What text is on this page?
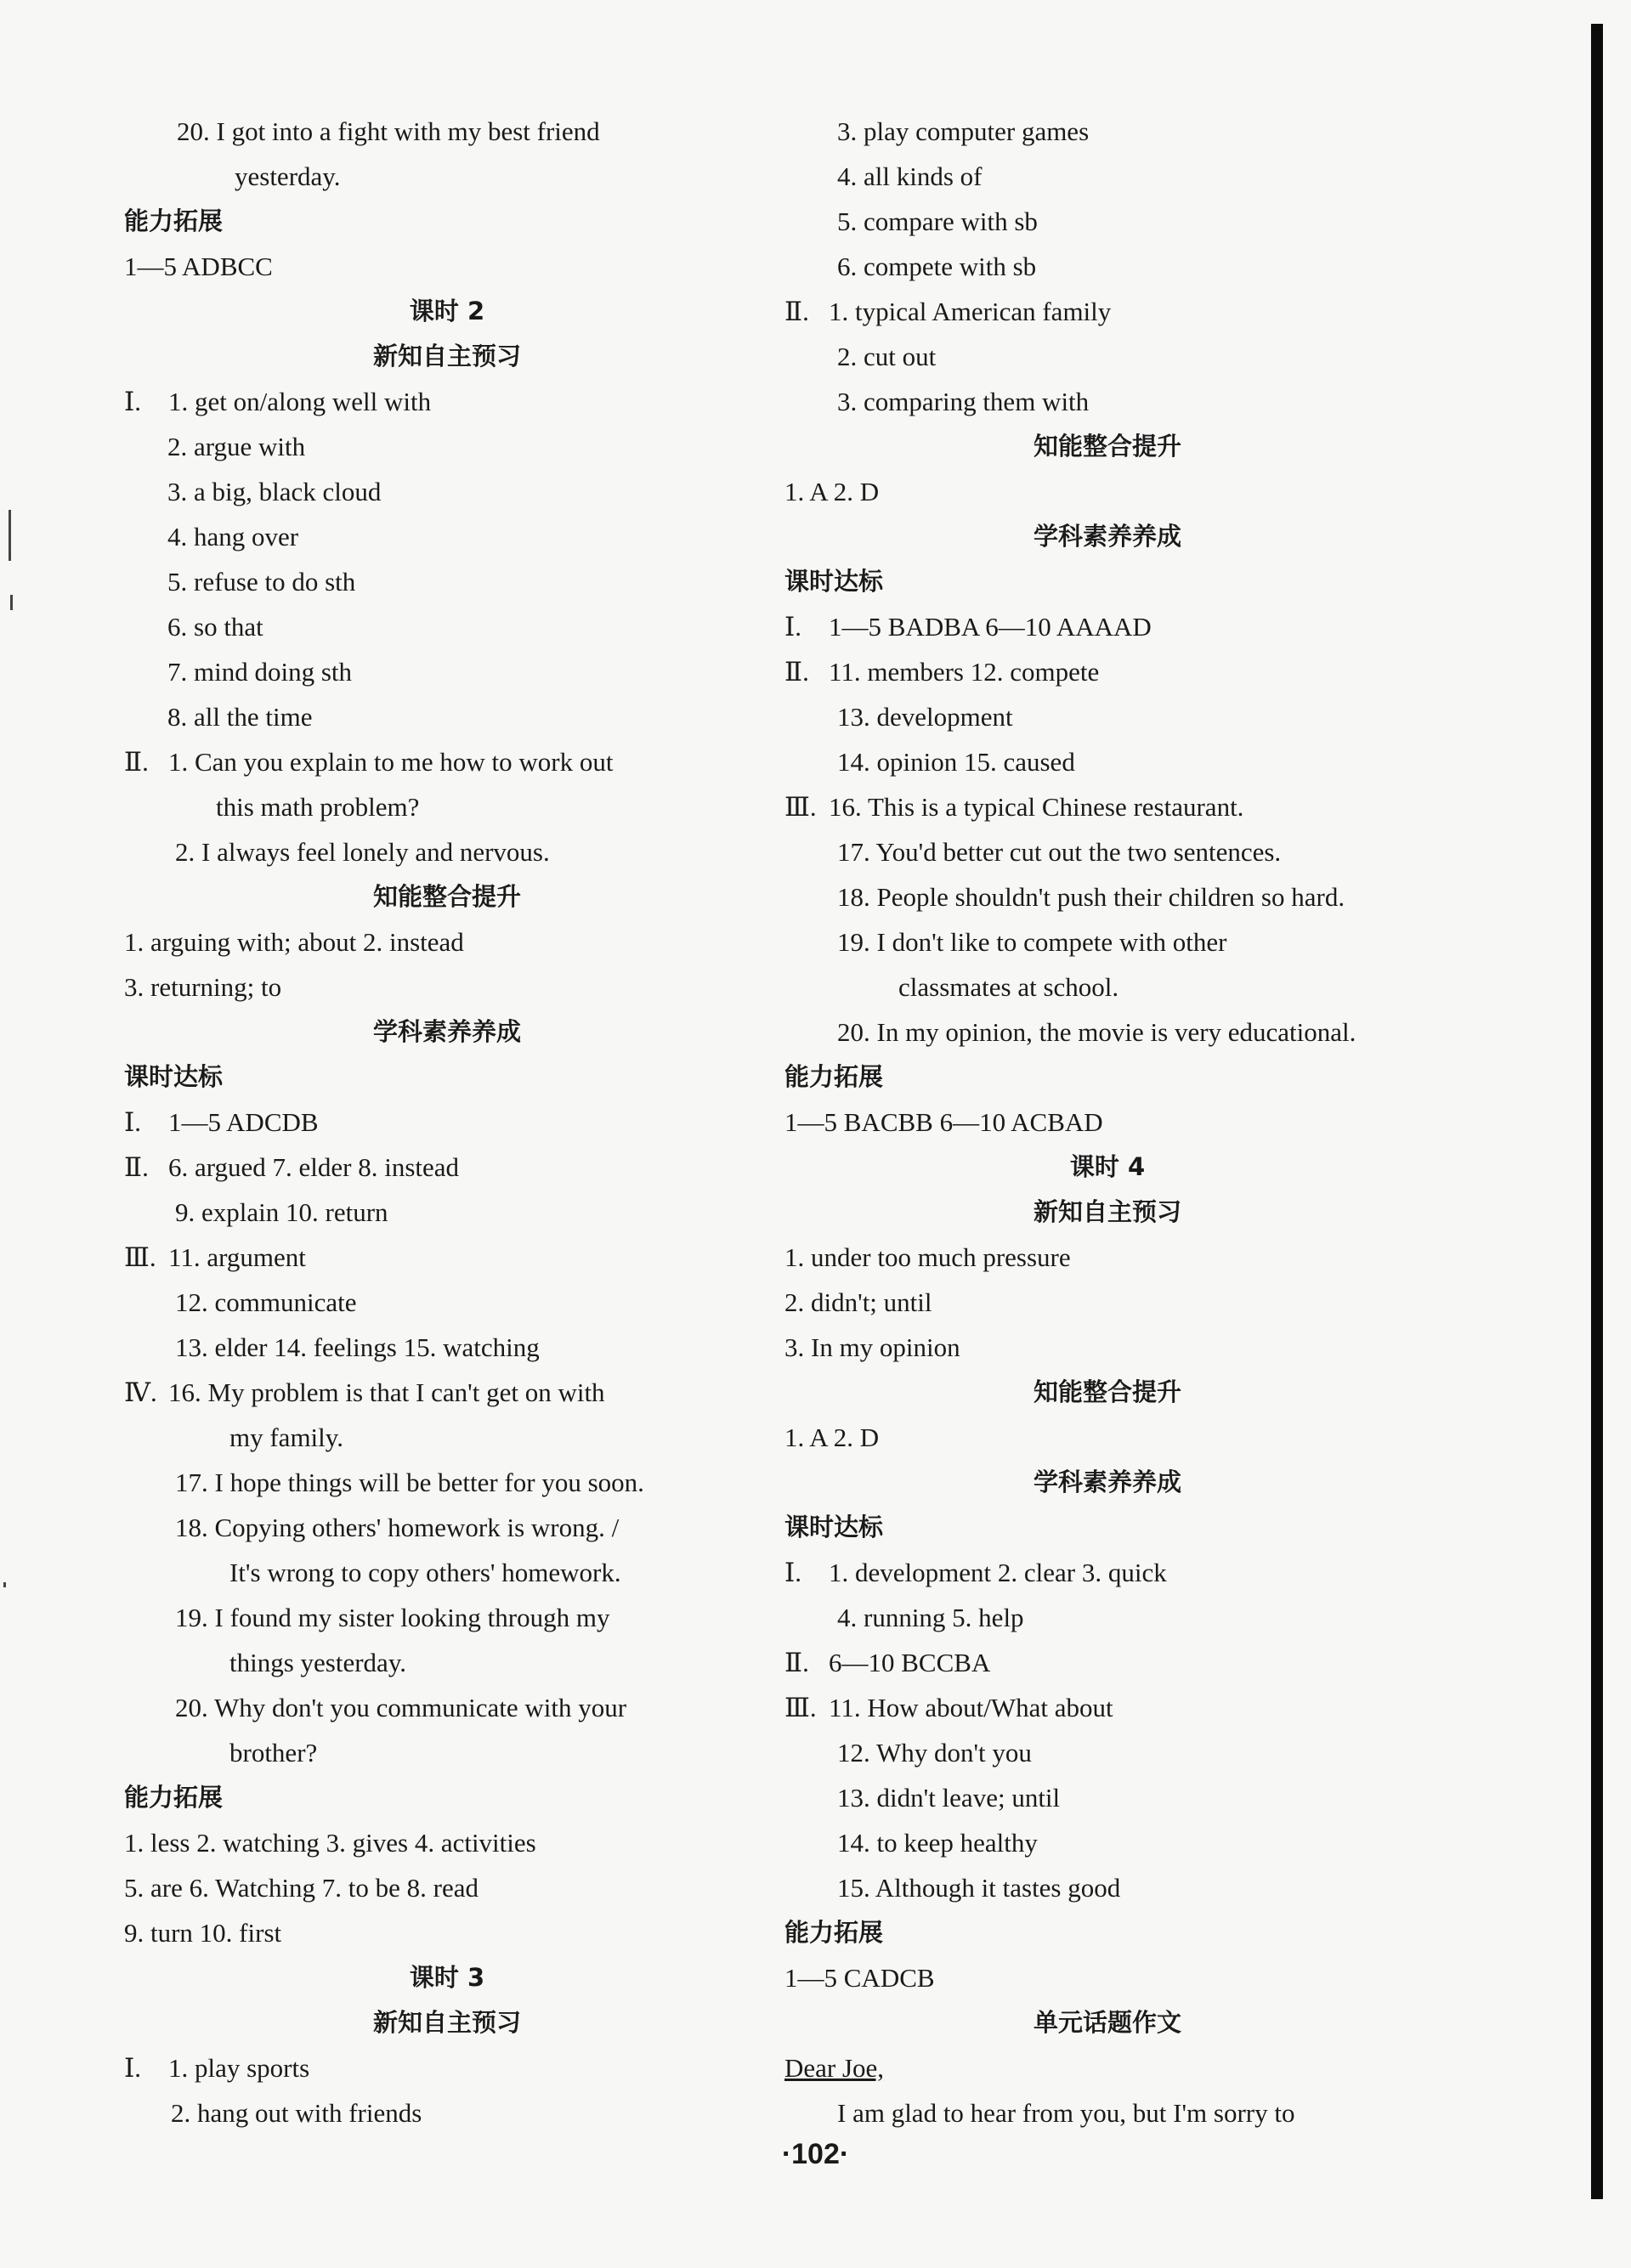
20. I got into a fight with my best friend
yesterday.
能力拓展
1—5 ADBCC
课时 2
新知自主预习
Ⅰ. 1. get on/along well with
2. argue with
3. a big, black cloud
4. hang over
5. refuse to do sth
6. so that
7. mind doing sth
8. all the time
Ⅱ. 1. Can you explain to me how to work out
this math problem?
2. I always feel lonely and nervous.
知能整合提升
1. arguing with; about 2. instead
3. returning; to
学科素养养成
课时达标
Ⅰ. 1—5 ADCDB
Ⅱ. 6. argued 7. elder 8. instead
9. explain 10. return
Ⅲ. 11. argument
12. communicate
13. elder 14. feelings 15. watching
Ⅳ. 16. My problem is that I can't get on with
my family.
17. I hope things will be better for you soon.
18. Copying others' homework is wrong. /
It's wrong to copy others' homework.
19. I found my sister looking through my
things yesterday.
20. Why don't you communicate with your
brother?
能力拓展
1. less 2. watching 3. gives 4. activities
5. are 6. Watching 7. to be 8. read
9. turn 10. first
课时 3
新知自主预习
Ⅰ. 1. play sports
2. hang out with friends
3. play computer games
4. all kinds of
5. compare with sb
6. compete with sb
Ⅱ. 1. typical American family
2. cut out
3. comparing them with
知能整合提升
1. A 2. D
学科素养养成
课时达标
Ⅰ. 1—5 BADBA 6—10 AAAAD
Ⅱ. 11. members 12. compete
13. development
14. opinion 15. caused
Ⅲ. 16. This is a typical Chinese restaurant.
17. You'd better cut out the two sentences.
18. People shouldn't push their children so hard.
19. I don't like to compete with other
classmates at school.
20. In my opinion, the movie is very educational.
能力拓展
1—5 BACBB 6—10 ACBAD
课时 4
新知自主预习
1. under too much pressure
2. didn't; until
3. In my opinion
知能整合提升
1. A 2. D
学科素养养成
课时达标
Ⅰ. 1. development 2. clear 3. quick
4. running 5. help
Ⅱ. 6—10 BCCBA
Ⅲ. 11. How about/What about
12. Why don't you
13. didn't leave; until
14. to keep healthy
15. Although it tastes good
能力拓展
1—5 CADCB
单元话题作文
Dear Joe,
I am glad to hear from you, but I'm sorry to
·102·
